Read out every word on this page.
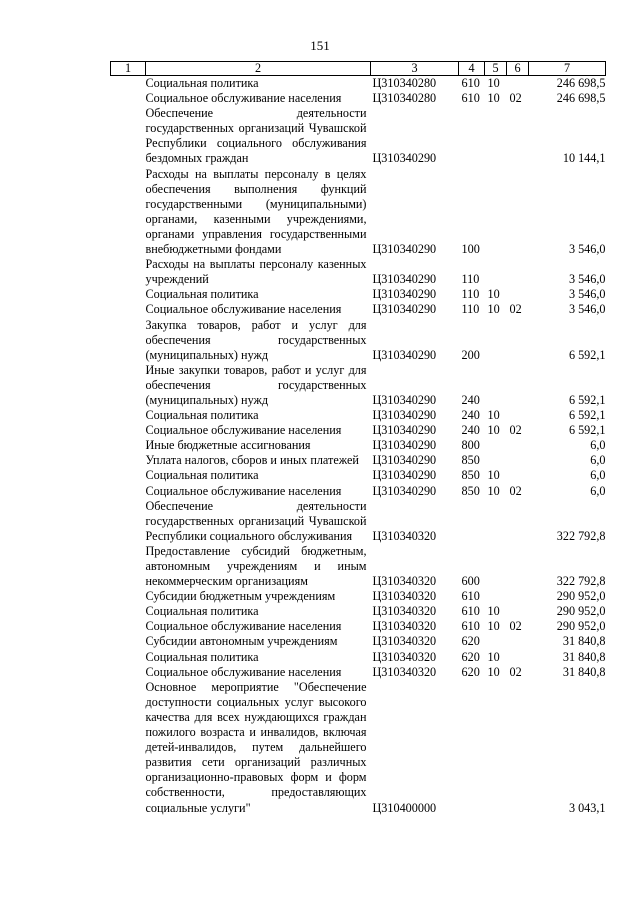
151
1	2	3	4	5	6	7
	Социальная политика	Ц310340280	610	10		246 698,5
	Социальное обслуживание населения	Ц310340280	610	10	02	246 698,5
	Обеспечение деятельности государственных организаций Чувашской Республики социального обслуживания бездомных граждан	Ц310340290				10 144,1
	Расходы на выплаты персоналу в целях обеспечения выполнения функций государственными (муниципальными) органами, казенными учреждениями, органами управления государственными внебюджетными фондами	Ц310340290	100			3 546,0
	Расходы на выплаты персоналу казенных учреждений	Ц310340290	110			3 546,0
	Социальная политика	Ц310340290	110	10		3 546,0
	Социальное обслуживание населения	Ц310340290	110	10	02	3 546,0
	Закупка товаров, работ и услуг для обеспечения государственных (муниципальных) нужд	Ц310340290	200			6 592,1
	Иные закупки товаров, работ и услуг для обеспечения государственных (муниципальных) нужд	Ц310340290	240			6 592,1
	Социальная политика	Ц310340290	240	10		6 592,1
	Социальное обслуживание населения	Ц310340290	240	10	02	6 592,1
	Иные бюджетные ассигнования	Ц310340290	800			6,0
	Уплата налогов, сборов и иных платежей	Ц310340290	850			6,0
	Социальная политика	Ц310340290	850	10		6,0
	Социальное обслуживание населения	Ц310340290	850	10	02	6,0
	Обеспечение деятельности государственных организаций Чувашской Республики социального обслуживания	Ц310340320				322 792,8
	Предоставление субсидий бюджетным, автономным учреждениям и иным некоммерческим организациям	Ц310340320	600			322 792,8
	Субсидии бюджетным учреждениям	Ц310340320	610			290 952,0
	Социальная политика	Ц310340320	610	10		290 952,0
	Социальное обслуживание населения	Ц310340320	610	10	02	290 952,0
	Субсидии автономным учреждениям	Ц310340320	620			31 840,8
	Социальная политика	Ц310340320	620	10		31 840,8
	Социальное обслуживание населения	Ц310340320	620	10	02	31 840,8
	Основное мероприятие "Обеспечение доступности социальных услуг высокого качества для всех нуждающихся граждан пожилого возраста и инвалидов, включая детей-инвалидов, путем дальнейшего развития сети организаций различных организационно-правовых форм и форм собственности, предоставляющих социальные услуги"	Ц310400000				3 043,1
